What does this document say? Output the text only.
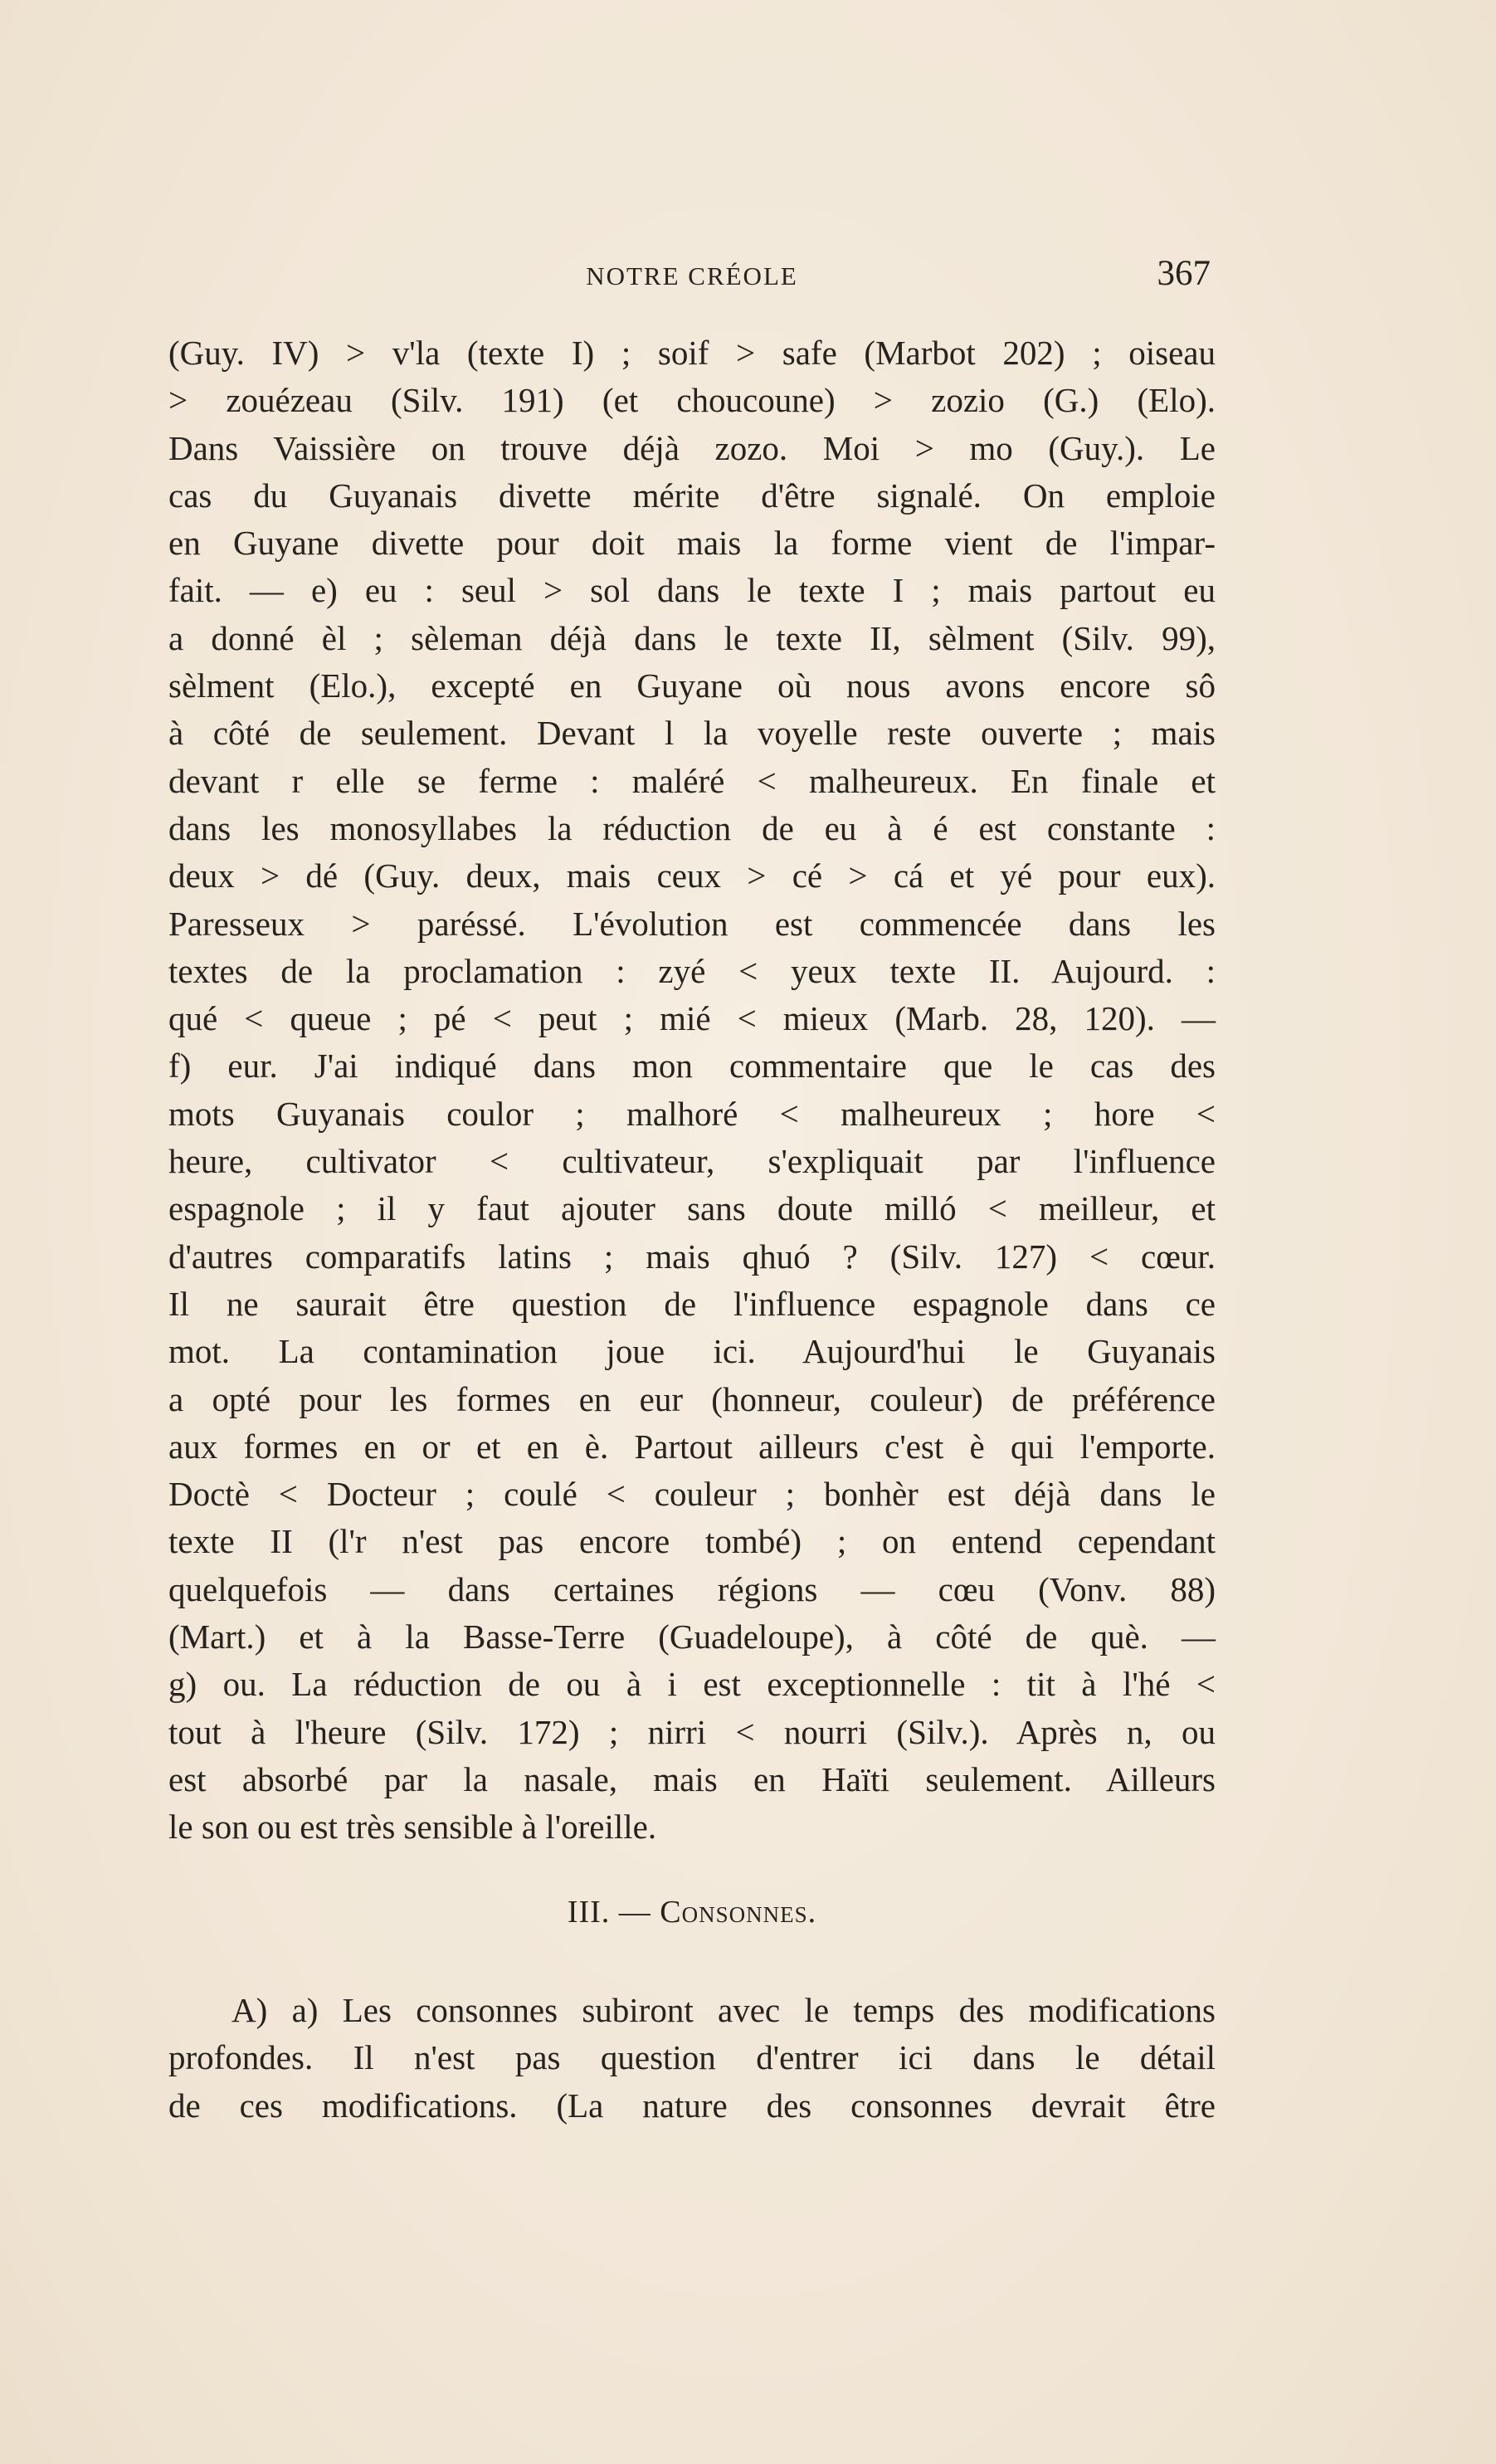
NOTRE CRÉOLE	367
(Guy. IV) > v'la (texte I) ; soif > safe (Marbot 202) ; oiseau
> zouézeau (Silv. 191) (et choucoune) > zozio (G.) (Elo).
Dans Vaissière on trouve déjà zozo. Moi > mo (Guy.). Le
cas du Guyanais divette mérite d'être signalé. On emploie
en Guyane divette pour doit mais la forme vient de l'impar-
fait. — e) eu : seul > sol dans le texte I ; mais partout eu
a donné èl ; sèleman déjà dans le texte II, sèlment (Silv. 99),
sèlment (Elo.), excepté en Guyane où nous avons encore sô
à côté de seulement. Devant l la voyelle reste ouverte ; mais
devant r elle se ferme : maléré < malheureux. En finale et
dans les monosyllabes la réduction de eu à é est constante :
deux > dé (Guy. deux, mais ceux > cé > cá et yé pour eux).
Paresseux > paréssé. L'évolution est commencée dans les
textes de la proclamation : zyé < yeux texte II. Aujourd. :
qué < queue ; pé < peut ; mié < mieux (Marb. 28, 120). —
f) eur. J'ai indiqué dans mon commentaire que le cas des
mots Guyanais coulor ; malhoré < malheureux ; hore <
heure, cultivator < cultivateur, s'expliquait par l'influence
espagnole ; il y faut ajouter sans doute milló < meilleur, et
d'autres comparatifs latins ; mais qhuó ? (Silv. 127) < cœur.
Il ne saurait être question de l'influence espagnole dans ce
mot. La contamination joue ici. Aujourd'hui le Guyanais
a opté pour les formes en eur (honneur, couleur) de préférence
aux formes en or et en è. Partout ailleurs c'est è qui l'emporte.
Doctè < Docteur ; coulé < couleur ; bonhèr est déjà dans le
texte II (l'r n'est pas encore tombé) ; on entend cependant
quelquefois — dans certaines régions — cœu (Vonv. 88)
(Mart.) et à la Basse-Terre (Guadeloupe), à côté de què. —
g) ou. La réduction de ou à i est exceptionnelle : tit à l'hé <
tout à l'heure (Silv. 172) ; nirri < nourri (Silv.). Après n, ou
est absorbé par la nasale, mais en Haïti seulement. Ailleurs
le son ou est très sensible à l'oreille.
III. — Consonnes.
A) a) Les consonnes subiront avec le temps des modifications
profondes. Il n'est pas question d'entrer ici dans le détail
de ces modifications. (La nature des consonnes devrait être
